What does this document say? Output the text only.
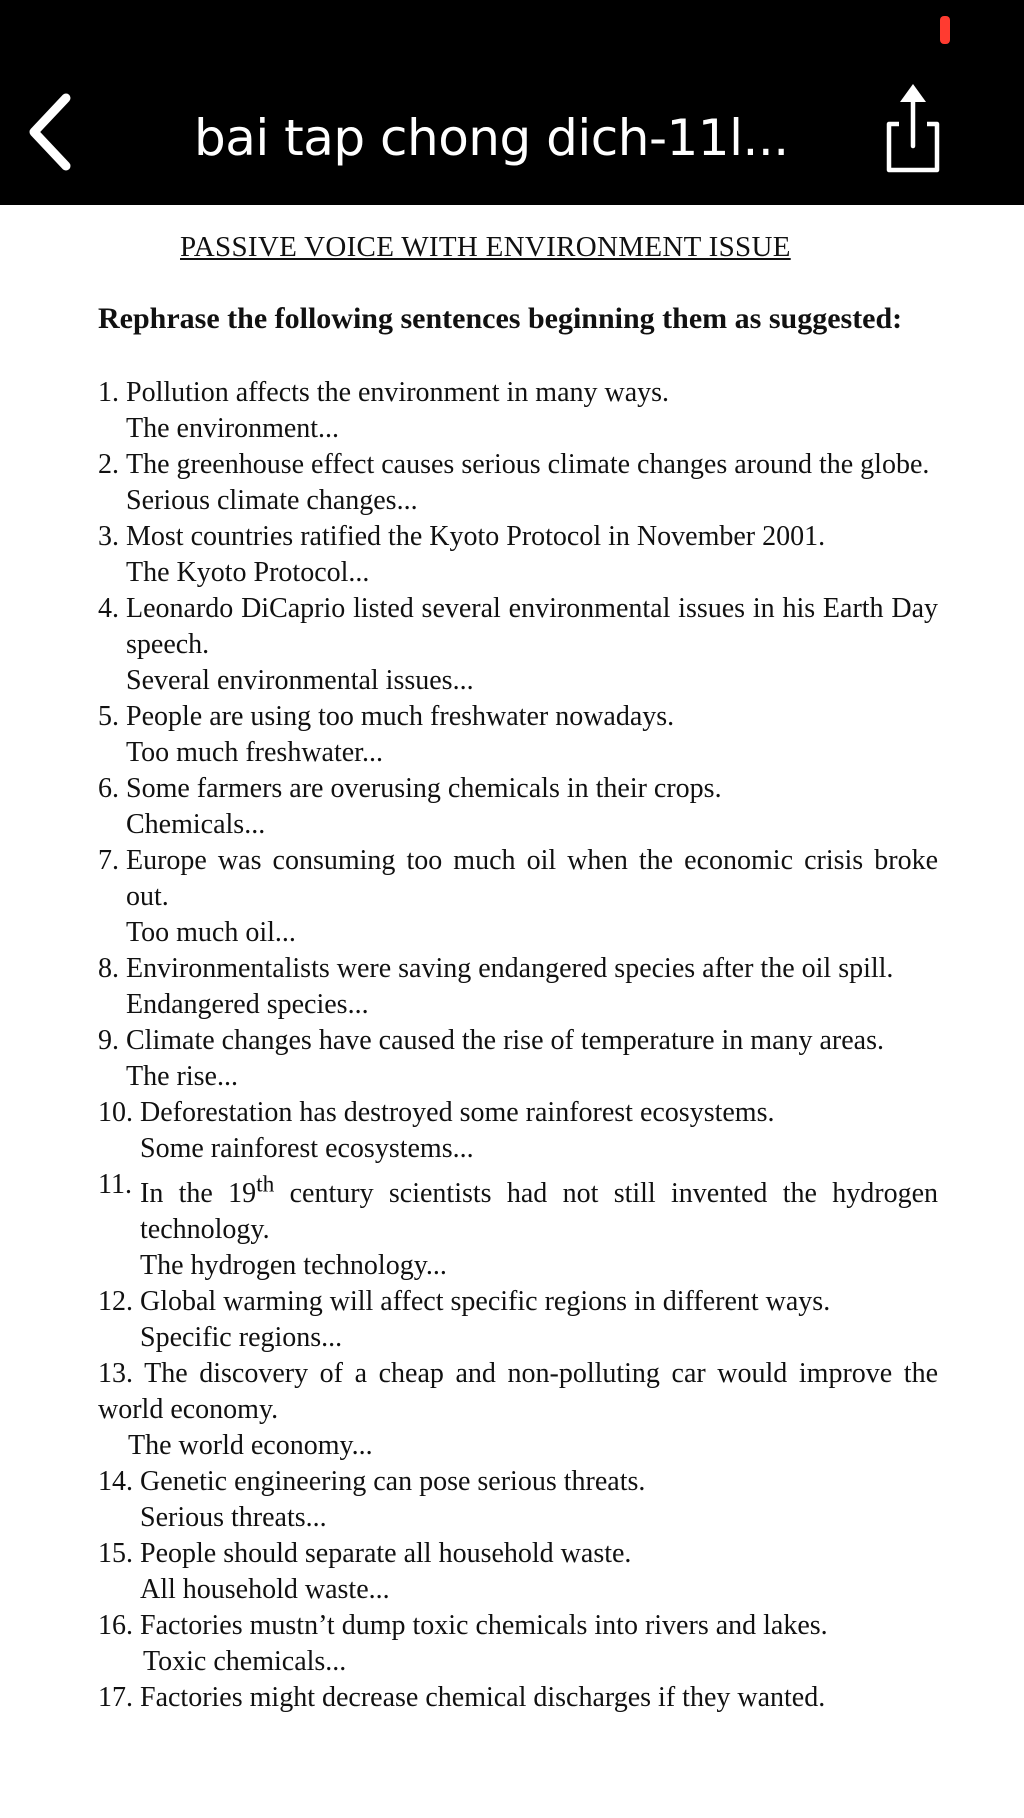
bai tap chong dich-11l...
PASSIVE VOICE WITH ENVIRONMENT ISSUE
Rephrase the following sentences beginning them as suggested:
1. Pollution affects the environment in many ways.
The environment...
2. The greenhouse effect causes serious climate changes around the globe.
Serious climate changes...
3. Most countries ratified the Kyoto Protocol in November 2001.
The Kyoto Protocol...
4. Leonardo DiCaprio listed several environmental issues in his Earth Day speech.
Several environmental issues...
5. People are using too much freshwater nowadays.
Too much freshwater...
6. Some farmers are overusing chemicals in their crops.
Chemicals...
7. Europe was consuming too much oil when the economic crisis broke out.
Too much oil...
8. Environmentalists were saving endangered species after the oil spill.
Endangered species...
9. Climate changes have caused the rise of temperature in many areas.
The rise...
10. Deforestation has destroyed some rainforest ecosystems.
Some rainforest ecosystems...
11. In the 19th century scientists had not still invented the hydrogen technology.
The hydrogen technology...
12. Global warming will affect specific regions in different ways.
Specific regions...
13. The discovery of a cheap and non-polluting car would improve the world economy.
The world economy...
14. Genetic engineering can pose serious threats.
Serious threats...
15. People should separate all household waste.
All household waste...
16. Factories mustn’t dump toxic chemicals into rivers and lakes.
Toxic chemicals...
17. Factories might decrease chemical discharges if they wanted.
